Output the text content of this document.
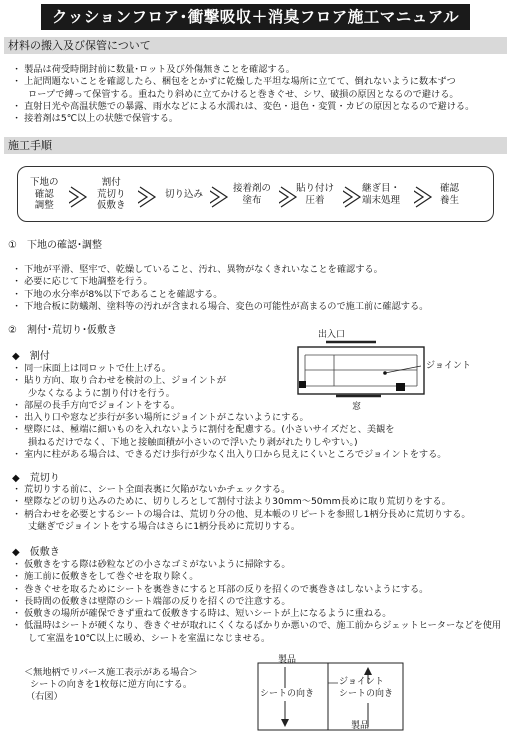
クッションフロア･衝撃吸収＋消臭フロア施工マニュアル
材料の搬入及び保管について
・ 製品は荷受時開封前に数量･ロット及び外傷無きことを確認する。
・ 上記問題ないことを確認したら、梱包をとかずに乾燥した平坦な場所に立てて、倒れないように数本ずつ
ロープで縛って保管する。重ねたり斜めに立てかけると巻きぐせ、シワ、破損の原因となるので避ける。
・ 直射日光や高温状態での暴露、雨水などによる水濡れは、変色・退色・変質・カビの原因となるので避ける。
・ 接着剤は5℃以上の状態で保管する。
施工手順
下地の
確認
調整
割付
荒切り
仮敷き
切り込み
接着剤の
塗布
貼り付け
圧着
継ぎ目・
端末処理
確認
養生
①　下地の確認･調整
・ 下地が平滑、堅牢で、乾燥していること、汚れ、異物がなくきれいなことを確認する。
・ 必要に応じて下地調整を行う。
・ 下地の水分率が8%以下であることを確認する。
・ 下地合板に防蟻剤、塗料等の汚れが含まれる場合、変色の可能性が高まるので施工前に確認する。
②　割付･荒切り･仮敷き	出入口
ジョイント
窓
◆　割付
・ 同一床面上は同ロットで仕上げる。
・ 貼り方向、取り合わせを検討の上、ジョイントが
少なくなるように割り付けを行う。
・ 部屋の長手方向でジョイントをする。
・ 出入り口や窓など歩行が多い場所にジョイントがこないようにする。
・ 壁際には、極端に細いものを入れないように割付を配慮する。(小さいサイズだと、美観を
損ねるだけでなく、下地と接触面積が小さいので浮いたり剥がれたりしやすい。)
・ 室内に柱がある場合は、できるだけ歩行が少なく出入り口から見えにくいところでジョイントをする。
◆　荒切り
・ 荒切りする前に、シート全面表裏に欠陥がないかチェックする。
・ 壁際などの切り込みのために、切りしろとして割付寸法より30mm～50mm長めに取り荒切りをする。
・ 柄合わせを必要とするシートの場合は、荒切り分の他、見本帳のリピートを参照し1柄分長めに荒切りする。
丈継ぎでジョイントをする場合はさらに1柄分長めに荒切りする。
◆　仮敷き
・ 仮敷きをする際は砂粒などの小さなゴミがないように掃除する。
・ 施工前に仮敷きをして巻ぐせを取り除く。
・ 巻きぐせを取るためにシートを裏巻きにすると耳部の反りを招くので裏巻きはしないようにする。
・ 長時間の仮敷きは壁際のシート端部の反りを招くので注意する。
・ 仮敷きの場所が確保できず重ねて仮敷きする時は、短いシートが上になるように重ねる。
・ 低温時はシートが硬くなり、巻きぐせが取れにくくなるばかりか悪いので、施工前からジェットヒーターなどを使用
して室温を10℃以上に暖め、シートを室温になじませる。
＜無地柄でリバース施工表示がある場合＞
シートの向きを1枚毎に逆方向にする。
（右図）
製品
ジョイント
シートの向き	シートの向き
製品
